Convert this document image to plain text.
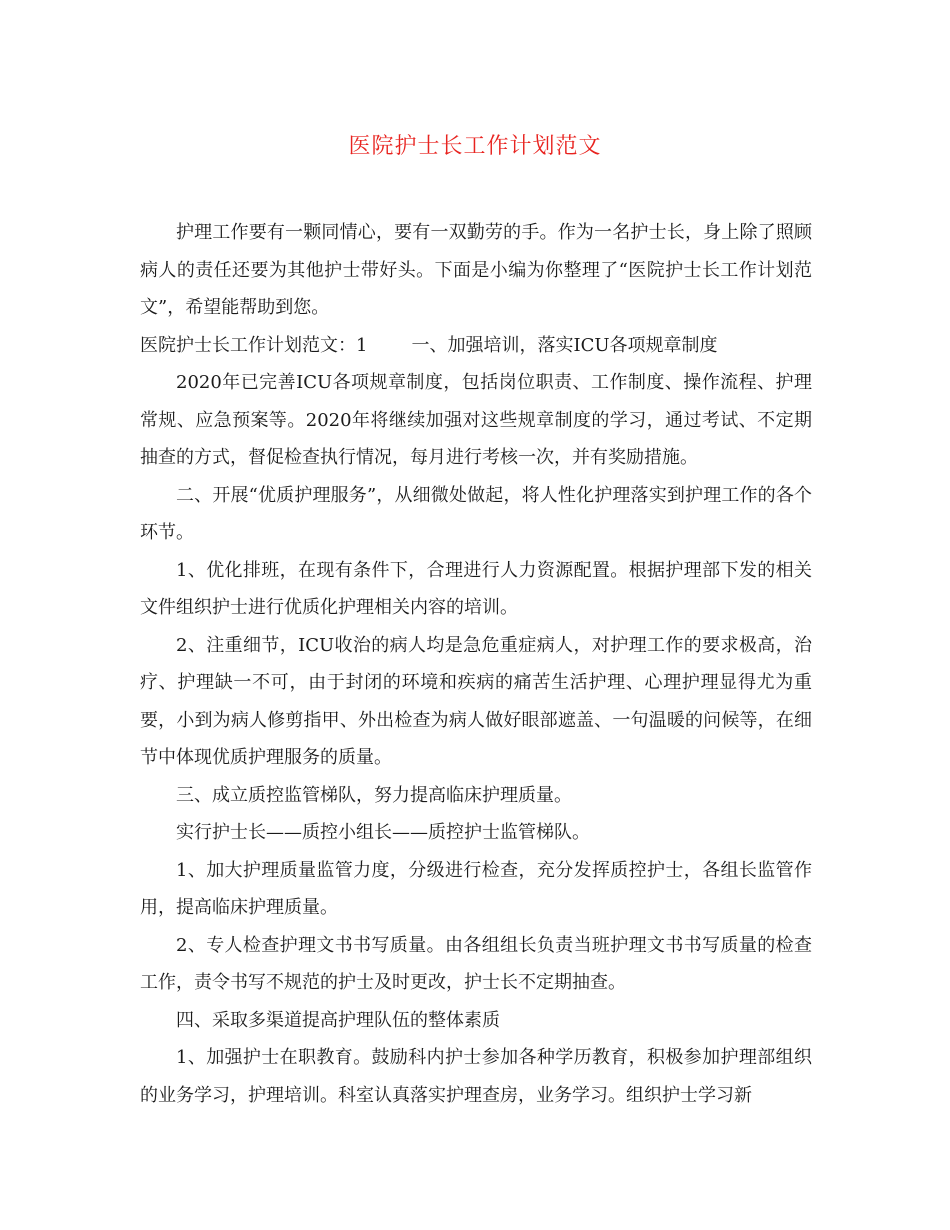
医院护士长工作计划范文

护理工作要有一颗同情心，要有一双勤劳的手。作为一名护士长，身上除了照顾病人的责任还要为其他护士带好头。下面是小编为你整理了“医院护士长工作计划范文”，希望能帮助到您。

医院护士长工作计划范文：1 一、加强培训，落实ICU各项规章制度

2020年已完善ICU各项规章制度，包括岗位职责、工作制度、操作流程、护理常规、应急预案等。2020年将继续加强对这些规章制度的学习，通过考试、不定期抽查的方式，督促检查执行情况，每月进行考核一次，并有奖励措施。

二、开展“优质护理服务”，从细微处做起，将人性化护理落实到护理工作的各个环节。

1、优化排班，在现有条件下，合理进行人力资源配置。根据护理部下发的相关文件组织护士进行优质化护理相关内容的培训。

2、注重细节，ICU收治的病人均是急危重症病人，对护理工作的要求极高，治疗、护理缺一不可，由于封闭的环境和疾病的痛苦生活护理、心理护理显得尤为重要，小到为病人修剪指甲、外出检查为病人做好眼部遮盖、一句温暖的问候等，在细节中体现优质护理服务的质量。

三、成立质控监管梯队，努力提高临床护理质量。

实行护士长——质控小组长——质控护士监管梯队。

1、加大护理质量监管力度，分级进行检查，充分发挥质控护士，各组长监管作用，提高临床护理质量。

2、专人检查护理文书书写质量。由各组组长负责当班护理文书书写质量的检查工作，责令书写不规范的护士及时更改，护士长不定期抽查。

四、采取多渠道提高护理队伍的整体素质

1、加强护士在职教育。鼓励科内护士参加各种学历教育，积极参加护理部组织的业务学习，护理培训。科室认真落实护理查房，业务学习。组织护士学习新
